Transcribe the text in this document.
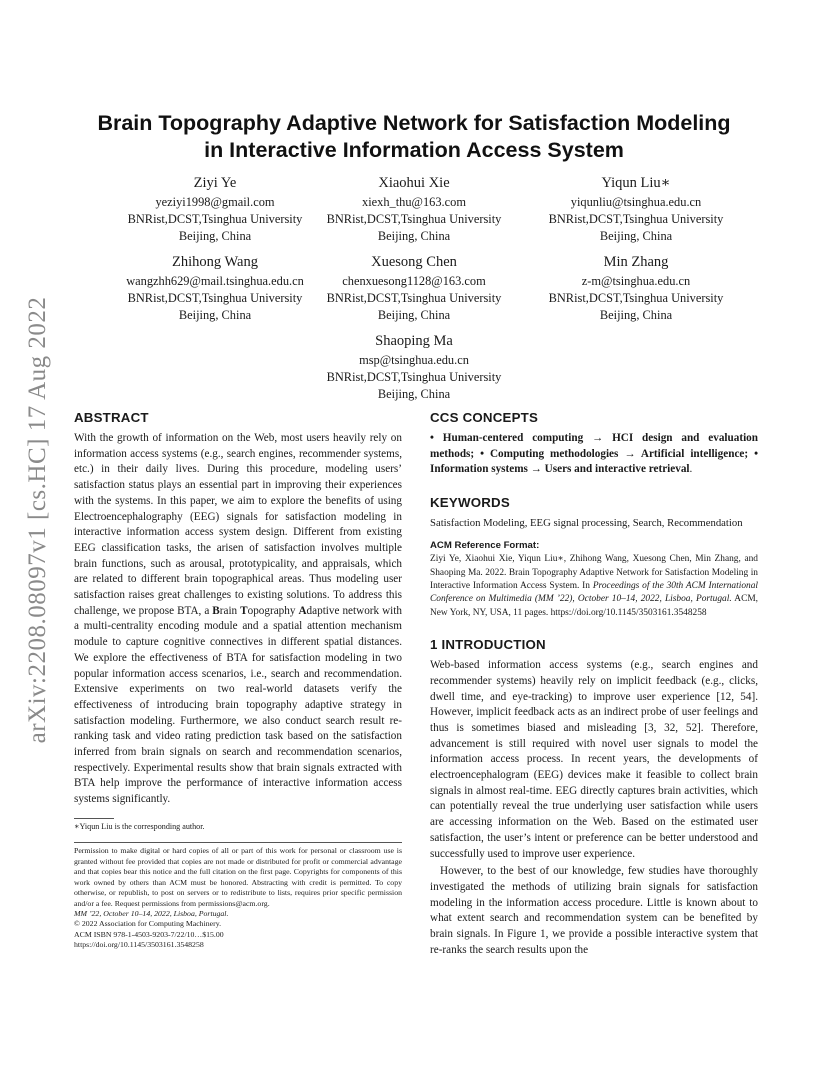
arXiv:2208.08097v1 [cs.HC] 17 Aug 2022
Brain Topography Adaptive Network for Satisfaction Modeling
in Interactive Information Access System
Ziyi Ye
yeziyi1998@gmail.com
BNRist,DCST,Tsinghua University
Beijing, China
Xiaohui Xie
xiexh_thu@163.com
BNRist,DCST,Tsinghua University
Beijing, China
Yiqun Liu∗
yiqunliu@tsinghua.edu.cn
BNRist,DCST,Tsinghua University
Beijing, China
Zhihong Wang
wangzhh629@mail.tsinghua.edu.cn
BNRist,DCST,Tsinghua University
Beijing, China
Xuesong Chen
chenxuesong1128@163.com
BNRist,DCST,Tsinghua University
Beijing, China
Min Zhang
z-m@tsinghua.edu.cn
BNRist,DCST,Tsinghua University
Beijing, China
Shaoping Ma
msp@tsinghua.edu.cn
BNRist,DCST,Tsinghua University
Beijing, China
ABSTRACT

With the growth of information on the Web, most users heavily rely on information access systems (e.g., search engines, recommender systems, etc.) in their daily lives. During this procedure, modeling users’ satisfaction status plays an essential part in improving their experiences with the systems. In this paper, we aim to explore the benefits of using Electroencephalography (EEG) signals for satisfaction modeling in interactive information access system design. Different from existing EEG classification tasks, the arisen of satisfaction involves multiple brain functions, such as arousal, prototypicality, and appraisals, which are related to different brain topographical areas. Thus modeling user satisfaction raises great challenges to existing solutions. To address this challenge, we propose BTA, a Brain Topography Adaptive network with a multi-centrality encoding module and a spatial attention mechanism module to capture cognitive connectives in different spatial distances. We explore the effectiveness of BTA for satisfaction modeling in two popular information access scenarios, i.e., search and recommendation. Extensive experiments on two real-world datasets verify the effectiveness of introducing brain topography adaptive strategy in satisfaction modeling. Furthermore, we also conduct search result re-ranking task and video rating prediction task based on the satisfaction inferred from brain signals on search and recommendation scenarios, respectively. Experimental results show that brain signals extracted with BTA help improve the performance of interactive information access systems significantly.

∗Yiqun Liu is the corresponding author.

Permission to make digital or hard copies of all or part of this work for personal or classroom use is granted without fee provided that copies are not made or distributed for profit or commercial advantage and that copies bear this notice and the full citation on the first page. Copyrights for components of this work owned by others than ACM must be honored. Abstracting with credit is permitted. To copy otherwise, or republish, to post on servers or to redistribute to lists, requires prior specific permission and/or a fee. Request permissions from permissions@acm.org.

MM ’22, October 10–14, 2022, Lisboa, Portugal.

© 2022 Association for Computing Machinery.

ACM ISBN 978-1-4503-9203-7/22/10…$15.00

https://doi.org/10.1145/3503161.3548258

CCS CONCEPTS

• Human-centered computing → HCI design and evaluation methods; • Computing methodologies → Artificial intelligence; • Information systems → Users and interactive retrieval.

KEYWORDS

Satisfaction Modeling, EEG signal processing, Search, Recommendation

ACM Reference Format:

Ziyi Ye, Xiaohui Xie, Yiqun Liu∗, Zhihong Wang, Xuesong Chen, Min Zhang, and Shaoping Ma. 2022. Brain Topography Adaptive Network for Satisfaction Modeling in Interactive Information Access System. In Proceedings of the 30th ACM International Conference on Multimedia (MM ’22), October 10–14, 2022, Lisboa, Portugal. ACM, New York, NY, USA, 11 pages. https://doi.org/10.1145/3503161.3548258

1 INTRODUCTION

Web-based information access systems (e.g., search engines and recommender systems) heavily rely on implicit feedback (e.g., clicks, dwell time, and eye-tracking) to improve user experience [12, 54]. However, implicit feedback acts as an indirect probe of user feelings and thus is sometimes biased and misleading [3, 32, 52]. Therefore, advancement is still required with novel user signals to model the information access process. In recent years, the developments of electroencephalogram (EEG) devices make it feasible to collect brain signals in almost real-time. EEG directly captures brain activities, which can potentially reveal the true underlying user satisfaction while users are accessing information on the Web. Based on the estimated user satisfaction, the user’s intent or preference can be better understood and successfully used to improve user experience.

However, to the best of our knowledge, few studies have thoroughly investigated the methods of utilizing brain signals for satisfaction modeling in the information access procedure. Little is known about to what extent search and recommendation system can be benefited by brain signals. In Figure 1, we provide a possible interactive system that re-ranks the search results upon the
